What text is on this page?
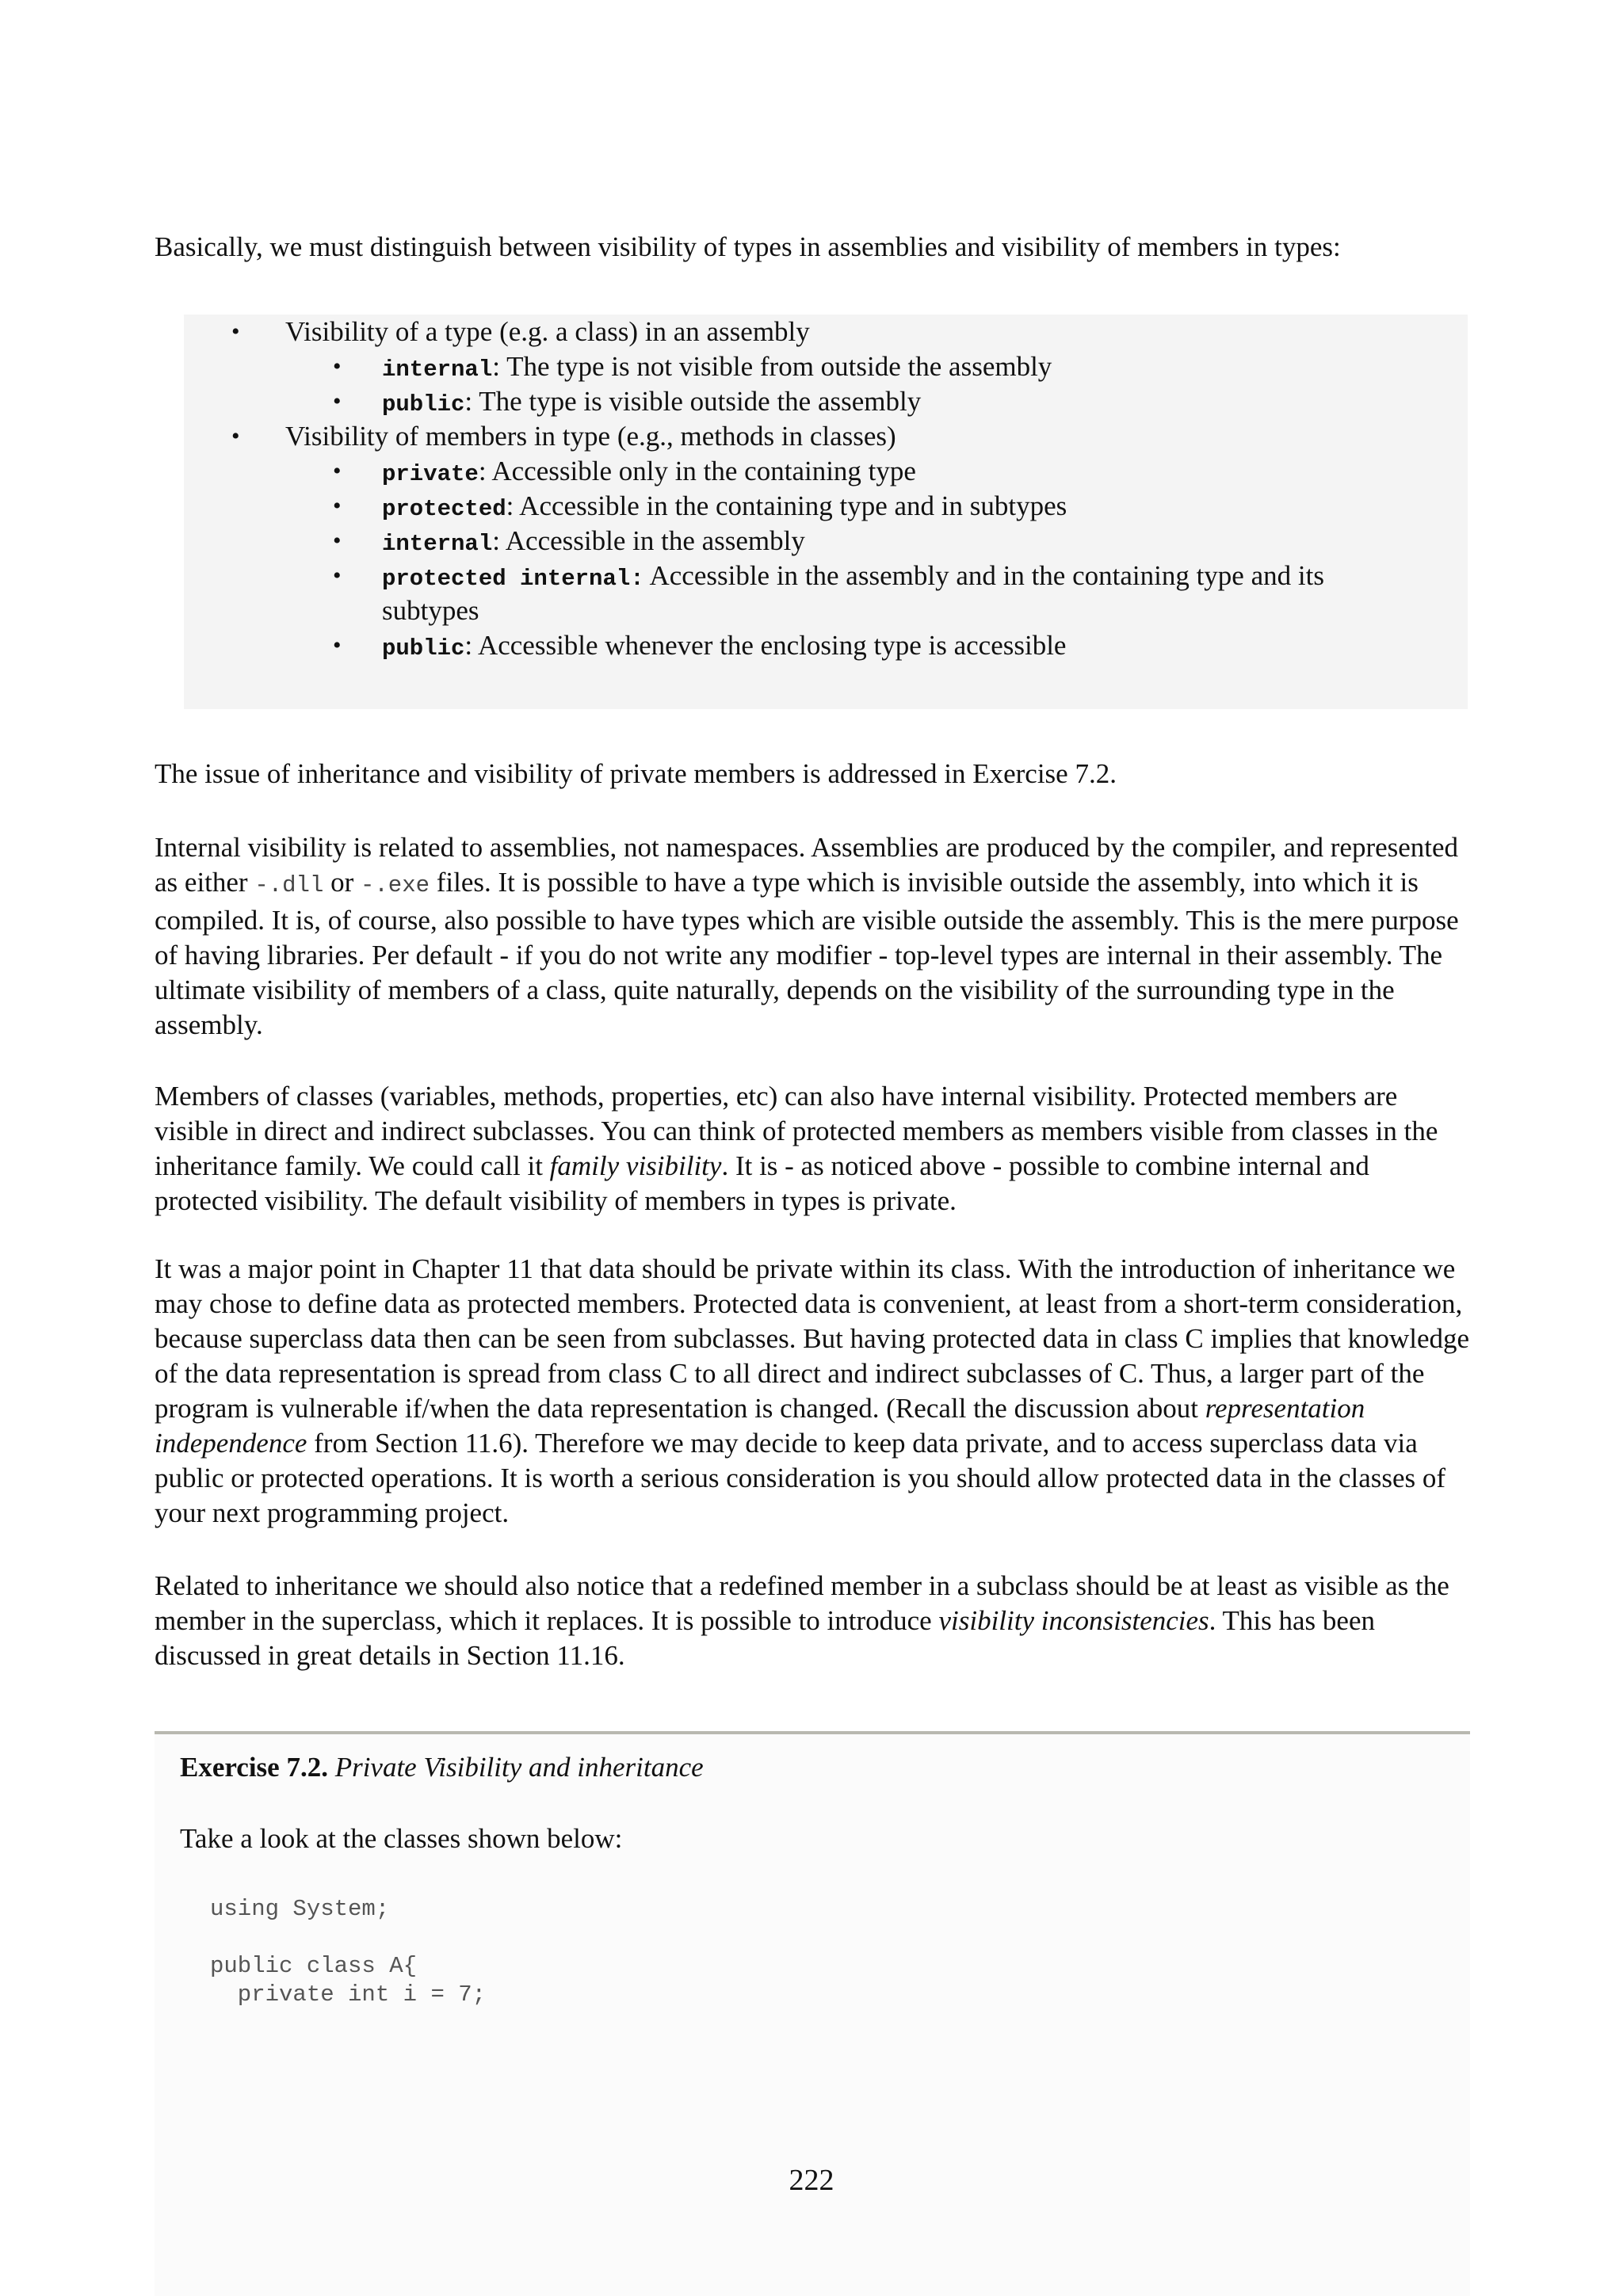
Basically, we must distinguish between visibility of types in assemblies and visibility of members in types:

• Visibility of a type (e.g. a class) in an assembly
• internal: The type is not visible from outside the assembly
• public: The type is visible outside the assembly
• Visibility of members in type (e.g., methods in classes)
• private: Accessible only in the containing type
• protected: Accessible in the containing type and in subtypes
• internal: Accessible in the assembly
• protected internal: Accessible in the assembly and in the containing type and its
subtypes
• public: Accessible whenever the enclosing type is accessible

The issue of inheritance and visibility of private members is addressed in Exercise 7.2.

Internal visibility is related to assemblies, not namespaces. Assemblies are produced by the compiler, and represented as either -.dll or -.exe files. It is possible to have a type which is invisible outside the assembly, into which it is compiled. It is, of course, also possible to have types which are visible outside the assembly. This is the mere purpose of having libraries. Per default - if you do not write any modifier - top-level types are internal in their assembly. The ultimate visibility of members of a class, quite naturally, depends on the visibility of the surrounding type in the assembly.

Members of classes (variables, methods, properties, etc) can also have internal visibility. Protected members are visible in direct and indirect subclasses. You can think of protected members as members visible from classes in the inheritance family. We could call it family visibility. It is - as noticed above - possible to combine internal and protected visibility. The default visibility of members in types is private.

It was a major point in Chapter 11 that data should be private within its class. With the introduction of inheritance we may chose to define data as protected members. Protected data is convenient, at least from a short-term consideration, because superclass data then can be seen from subclasses. But having protected data in class C implies that knowledge of the data representation is spread from class C to all direct and indirect subclasses of C. Thus, a larger part of the program is vulnerable if/when the data representation is changed. (Recall the discussion about representation independence from Section 11.6). Therefore we may decide to keep data private, and to access superclass data via public or protected operations. It is worth a serious consideration is you should allow protected data in the classes of your next programming project.

Related to inheritance we should also notice that a redefined member in a subclass should be at least as visible as the member in the superclass, which it replaces. It is possible to introduce visibility inconsistencies. This has been discussed in great details in Section 11.16.

Exercise 7.2. Private Visibility and inheritance

Take a look at the classes shown below:

using System;

public class A{
private int i = 7;
222
